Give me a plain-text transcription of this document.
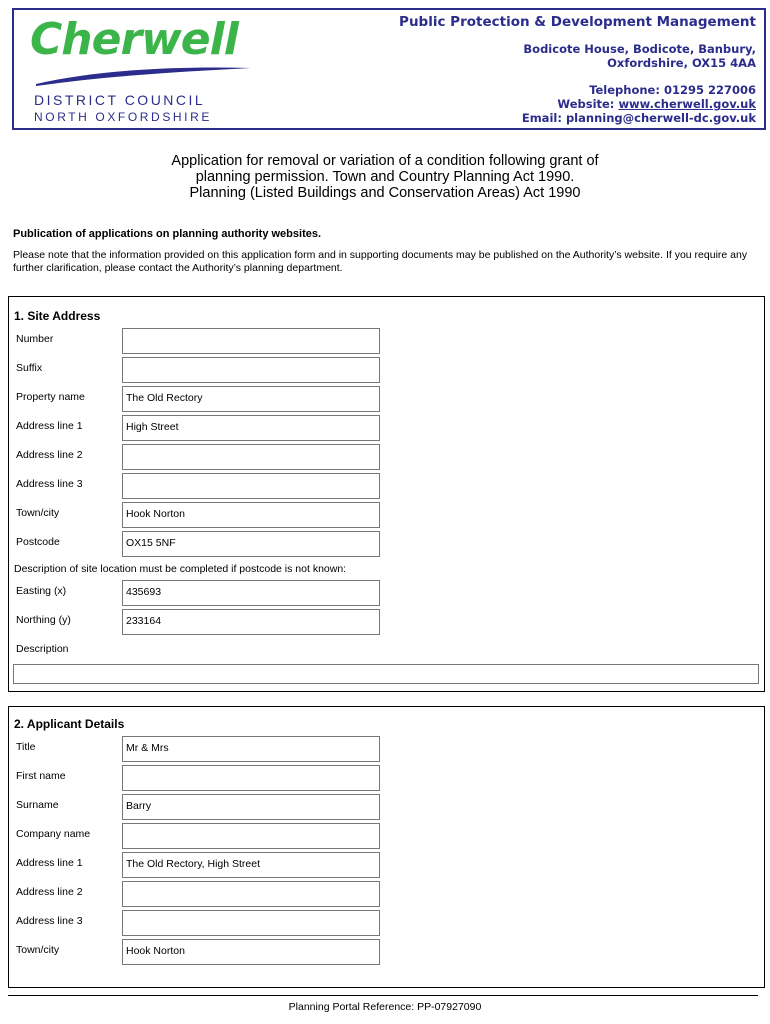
Cherwell
DISTRICT COUNCIL
NORTH OXFORDSHIRE
Public Protection & Development Management
Bodicote House, Bodicote, Banbury,
Oxfordshire, OX15 4AA
Telephone: 01295 227006
Website: www.cherwell.gov.uk
Email: planning@cherwell-dc.gov.uk
Application for removal or variation of a condition following grant of
planning permission. Town and Country Planning Act 1990.
Planning (Listed Buildings and Conservation Areas) Act 1990
Publication of applications on planning authority websites.
Please note that the information provided on this application form and in supporting documents may be published on the Authority’s website. If you require any further clarification, please contact the Authority’s planning department.
1. Site Address
Number
Suffix
Property name	The Old Rectory
Address line 1	High Street
Address line 2
Address line 3
Town/city	Hook Norton
Postcode	OX15 5NF
Description of site location must be completed if postcode is not known:
Easting (x)	435693
Northing (y)	233164
Description
2. Applicant Details
Title	Mr & Mrs
First name
Surname	Barry
Company name
Address line 1	The Old Rectory, High Street
Address line 2
Address line 3
Town/city	Hook Norton
Planning Portal Reference: PP-07927090
